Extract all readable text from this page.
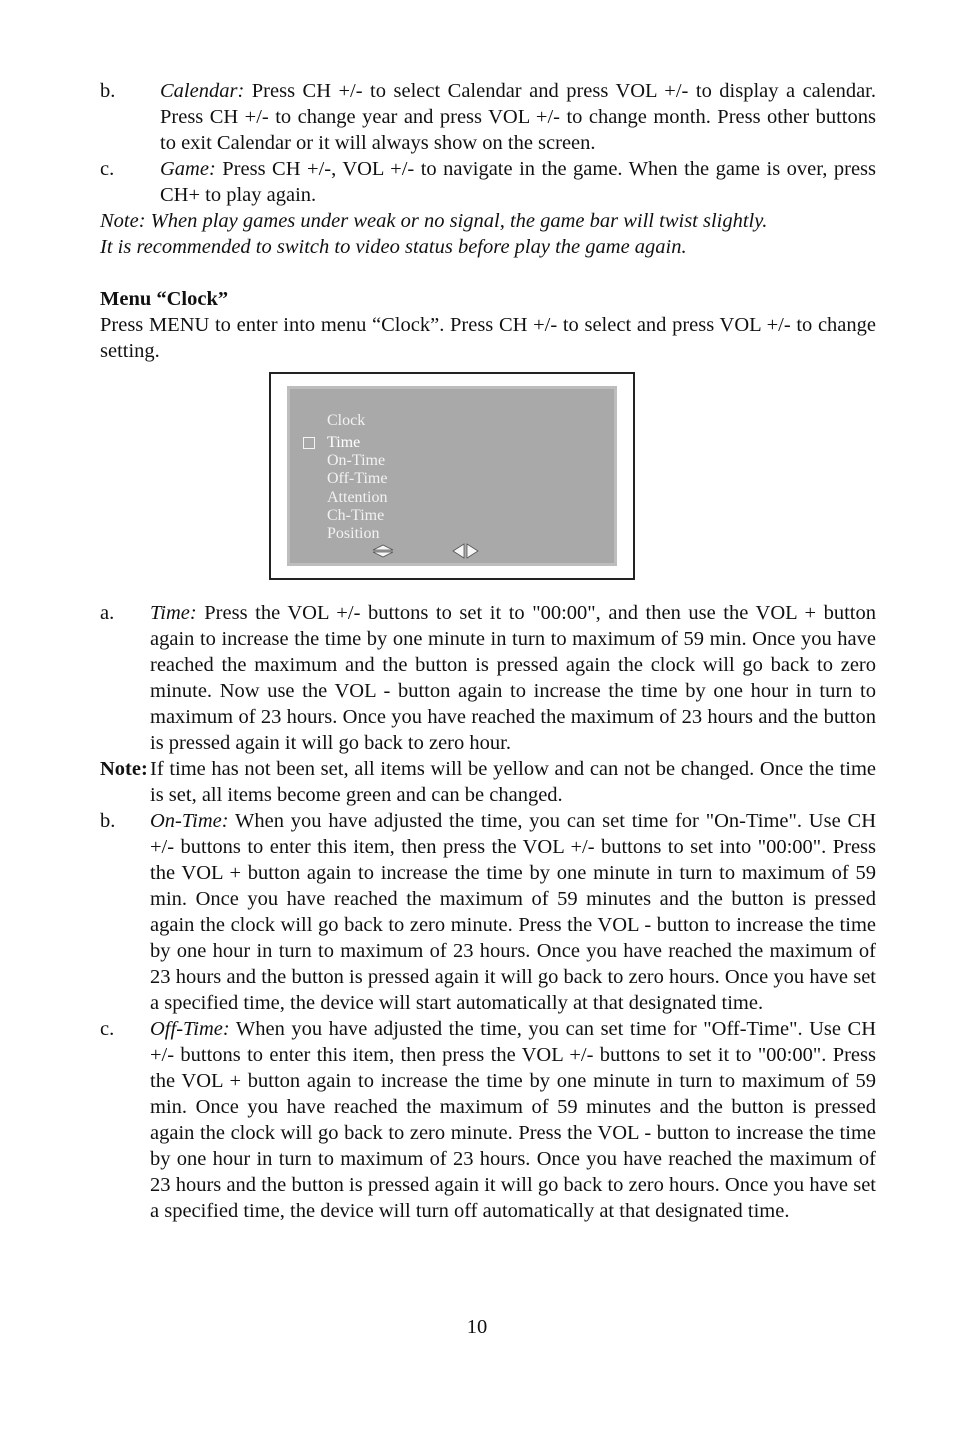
b. Calendar: Press CH +/- to select Calendar and press VOL +/- to display a calendar. Press CH +/- to change year and press VOL +/- to change month. Press other buttons to exit Calendar or it will always show on the screen.
c. Game: Press CH +/-, VOL +/- to navigate in the game. When the game is over, press CH+ to play again.
Note: When play games under weak or no signal, the game bar will twist slightly.
It is recommended to switch to video status before play the game again.
Menu “Clock”
Press MENU to enter into menu “Clock”. Press CH +/- to select and press VOL +/- to change setting.
Clock
Time
On-Time
Off-Time
Attention
Ch-Time
Position
a. Time: Press the VOL +/- buttons to set it to "00:00", and then use the VOL + button again to increase the time by one minute in turn to maximum of 59 min. Once you have reached the maximum and the button is pressed again the clock will go back to zero minute. Now use the VOL - button again to increase the time by one hour in turn to maximum of 23 hours. Once you have reached the maximum of 23 hours and the button is pressed again it will go back to zero hour.
Note: If time has not been set, all items will be yellow and can not be changed. Once the time is set, all items become green and can be changed.
b. On-Time: When you have adjusted the time, you can set time for "On-Time". Use CH +/- buttons to enter this item, then press the VOL +/- buttons to set into "00:00". Press the VOL + button again to increase the time by one minute in turn to maximum of 59 min. Once you have reached the maximum of 59 minutes and the button is pressed again the clock will go back to zero minute. Press the VOL - button to increase the time by one hour in turn to maximum of 23 hours. Once you have reached the maximum of 23 hours and the button is pressed again it will go back to zero hours. Once you have set a specified time, the device will start automatically at that designated time.
c. Off-Time: When you have adjusted the time, you can set time for "Off-Time". Use CH +/- buttons to enter this item, then press the VOL +/- buttons to set it to "00:00". Press the VOL + button again to increase the time by one minute in turn to maximum of 59 min. Once you have reached the maximum of 59 minutes and the button is pressed again the clock will go back to zero minute. Press the VOL - button to increase the time by one hour in turn to maximum of 23 hours. Once you have reached the maximum of 23 hours and the button is pressed again it will go back to zero hours. Once you have set a specified time, the device will turn off automatically at that designated time.
10
